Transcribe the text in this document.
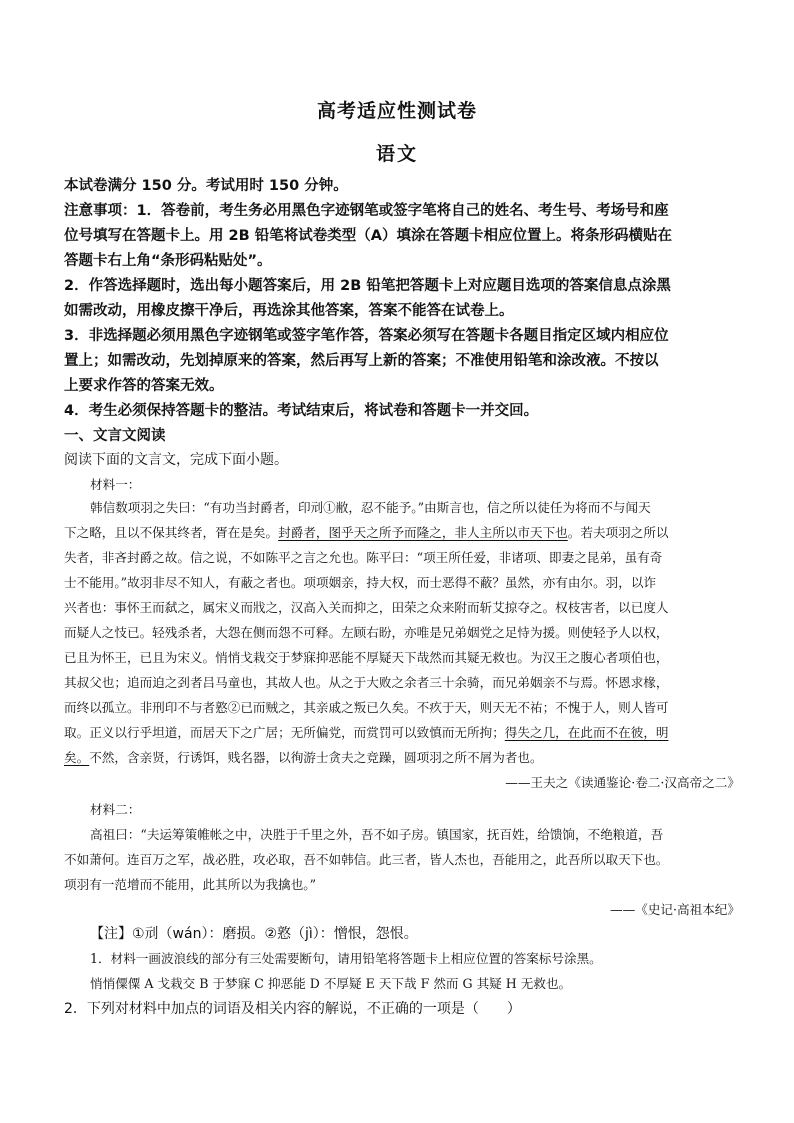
高考适应性测试卷
语文
本试卷满分 150 分。考试用时 150 分钟。
注意事项：1．答卷前，考生务必用黑色字迹钢笔或签字笔将自己的姓名、考生号、考场号和座
位号填写在答题卡上。用 2B 铅笔将试卷类型（A）填涂在答题卡相应位置上。将条形码横贴在
答题卡右上角“条形码粘贴处”。
2．作答选择题时，选出每小题答案后，用 2B 铅笔把答题卡上对应题目选项的答案信息点涂黑
如需改动，用橡皮擦干净后，再选涂其他答案，答案不能答在试卷上。
3．非选择题必须用黑色字迹钢笔或签字笔作答，答案必须写在答题卡各题目指定区域内相应位
置上；如需改动，先划掉原来的答案，然后再写上新的答案；不准使用铅笔和涂改液。不按以
上要求作答的答案无效。
4．考生必须保持答题卡的整洁。考试结束后，将试卷和答题卡一并交回。
一、文言文阅读
阅读下面的文言文，完成下面小题。
材料一：
韩信数项羽之失曰：“有功当封爵者，印刓①敝，忍不能予。”由斯言也，信之所以徒任为将而不与闻天
下之略，且以不保其终者，胥在是矣。封爵者，图乎天之所予而隆之，非人主所以市天下也。若夫项羽之所以
失者，非吝封爵之故。信之说，不如陈平之言之允也。陈平曰：“项王所任爱，非诸项、即妻之昆弟，虽有奇
士不能用。”故羽非尽不知人，有蔽之者也。项项姻亲，持大权，而士恶得不蔽？虽然，亦有由尔。羽，以诈
兴者也：事怀王而弑之，属宋义而戕之，汉高入关而抑之，田荣之众来附而斩艾掠夺之。权枝害者，以已度人
而疑人之忮已。轻残杀者，大怨在侧而怨不可释。左顾右盼，亦唯是兄弟姻党之足恃为援。则使轻予人以权，
已且为怀王，已且为宋义。悄悄戈栽交于梦寐抑恶能不厚疑天下哉然而其疑无救也。为汉王之腹心者项伯也，
其叔父也；追而迫之刭者吕马童也，其故人也。从之于大败之余者三十余骑，而兄弟姻亲不与焉。怀恩求椽，
而终以孤立。非刑印不与者憝②已而贼之，其亲戚之叛已久矣。不疚于天，则天无不祐；不愧于人，则人皆可
取。正义以行乎坦道，而居天下之广居；无所偏党，而赏罚可以致慎而无所拘；得失之几，在此而不在彼，明
矣。不然，含亲贤，行诱饵，贱名器，以徇游士贪夫之竞躁，圆项羽之所不屑为者也。
——王夫之《读通鉴论·卷二·汉高帝之二》
材料二：
高祖曰：“夫运筹策帷帐之中，决胜于千里之外，吾不如子房。镇国家，抚百姓，给馈饷，不绝粮道，吾
不如萧何。连百万之军，战必胜，攻必取，吾不如韩信。此三者，皆人杰也，吾能用之，此吾所以取天下也。
项羽有一范增而不能用，此其所以为我擒也。”
——《史记·高祖本纪》
【注】①刓（wán）：磨损。②憝（jì）：憎恨，怨恨。
1．材料一画波浪线的部分有三处需要断句，请用铅笔将答题卡上相应位置的答案标号涂黑。
悄悄僳僳 A 戈栽交 B 于梦寐 C 抑恶能 D 不厚疑 E 天下哉 F 然而 G 其疑 H 无救也。
2．下列对材料中加点的词语及相关内容的解说，不正确的一项是（　　）
